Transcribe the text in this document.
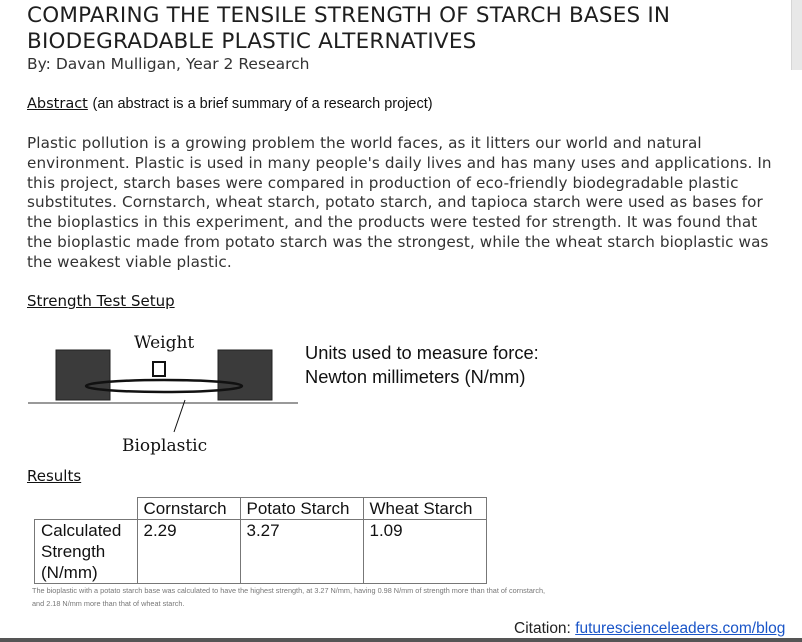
COMPARING THE TENSILE STRENGTH OF STARCH BASES IN BIODEGRADABLE PLASTIC ALTERNATIVES
By: Davan Mulligan, Year 2 Research
Abstract (an abstract is a brief summary of a research project)
Plastic pollution is a growing problem the world faces, as it litters our world and natural environment. Plastic is used in many people's daily lives and has many uses and applications. In this project, starch bases were compared in production of eco-friendly biodegradable plastic substitutes. Cornstarch, wheat starch, potato starch, and tapioca starch were used as bases for the bioplastics in this experiment, and the products were tested for strength. It was found that the bioplastic made from potato starch was the strongest, while the wheat starch bioplastic was the weakest viable plastic.
Strength Test Setup
Weight
Bioplastic
Units used to measure force:
Newton millimeters (N/mm)
Results
	Cornstarch	Potato Starch	Wheat Starch
Calculated Strength (N/mm)	2.29	3.27	1.09
The bioplastic with a potato starch base was calculated to have the highest strength, at 3.27 N/mm, having 0.98 N/mm of strength more than that of cornstarch, and 2.18 N/mm more than that of wheat starch.
Citation: futurescienceleaders.com/blog
